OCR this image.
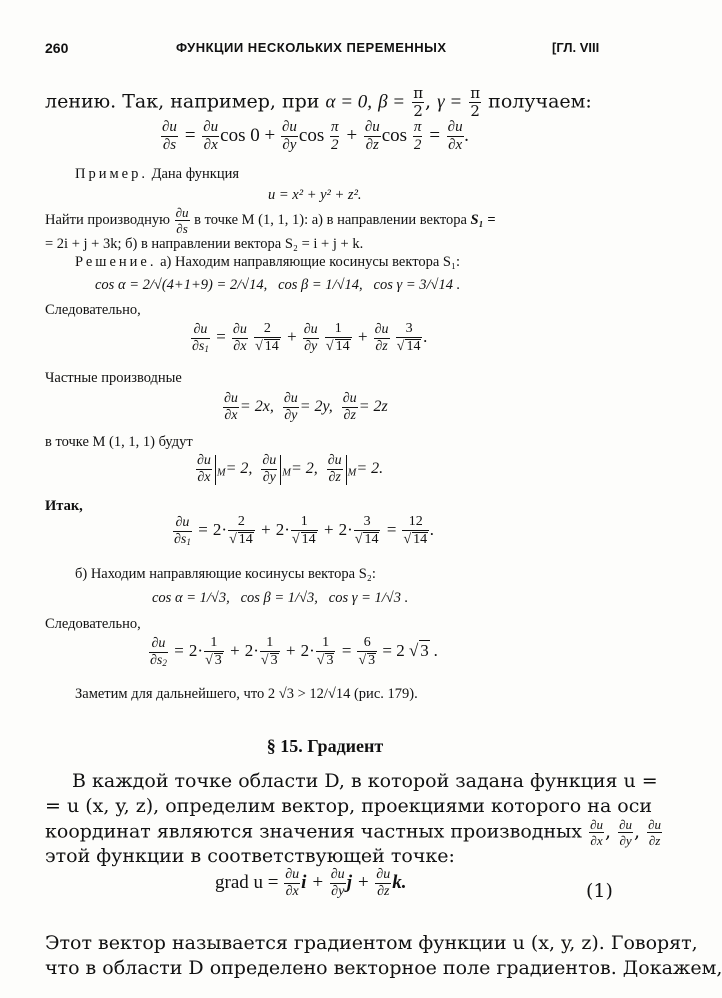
260	ФУНКЦИИ НЕСКОЛЬКИХ ПЕРЕМЕННЫХ	[ГЛ. VIII
лению. Так, например, при α = 0, $\beta = \frac{\pi}{2}$ , $\gamma = \frac{\pi}{2}$ получаем:
$\frac{\partial u}{\partial s} = \frac{\partial u}{\partial x}$ $\cos 0 + \frac{\partial u}{\partial y}$ $\cos \frac{\pi}{2} + \frac{\partial u}{\partial z}$ $\cos \frac{\pi}{2} = \frac{\partial u}{\partial x}$ .
Пример. Дана функция
u = x² + y² + z².
Найти производную $\frac{\partial u}{\partial s}$ в точке M (1, 1, 1): а) в направлении вектора S₁ =
= 2i + j + 3k; б) в направлении вектора S₂ = i + j + k.
Решение. а) Находим направляющие косинусы вектора S₁:
cos α = 2/√(4+1+9) = 2/√14, cos β = 1/√14, cos γ = 3/√14 .
Следовательно,
$\frac{\partial u}{\partial s1} = \frac{\partial u}{\partial x}$
$\frac{2}{√ 14} + \frac{\partial u}{\partial y}$
$\frac{1}{√ 14} + \frac{\partial u}{\partial z}$
$\frac{3}{√ 14}$ .
Частные производные
$\frac{\partial u}{\partial x} = 2x$, $\frac{\partial u}{\partial y} = 2y$, $\frac{\partial u}{\partial z} = 2z$
в точке M (1, 1, 1) будут
$\frac{\partial u}{\partial x} M= 2$, $\frac{\partial u}{\partial y} M= 2$, $\frac{\partial u}{\partial z} M= 2$.
Итак,
$\frac{\partial u}{\partial s1} = 2\cdot \frac{2}{√ 14} + 2\cdot \frac{1}{√ 14} + 2\cdot \frac{3}{√ 14} = \frac{12}{√ 14}$ .
б) Находим направляющие косинусы вектора S₂:
cos α = 1/√3, cos β = 1/√3, cos γ = 1/√3 .
Следовательно,
$\frac{\partial u}{\partial s2} = 2\cdot \frac{1}{√ 3} + 2\cdot \frac{1}{√ 3} + 2\cdot \frac{1}{√ 3} = \frac{6}{√ 3} = 2$ √ 3 .
Заметим для дальнейшего, что 2 √3 > 12/√14 (рис. 179).
§ 15. Градиент
В каждой точке области D, в которой задана функция u =
= u (x, y, z), определим вектор, проекциями которого на оси
координат являются значения частных производных $\frac{\partial u}{\partial x}$ , $\frac{\partial u}{\partial y}$ , $\frac{\partial u}{\partial z}$
этой функции в соответствующей точке:
grad $u = \frac{\partial u}{\partial x}$ $i + \frac{\partial u}{\partial y}$ $j + \frac{\partial u}{\partial z} k$.	(1)
Этот вектор называется градиентом функции u (x, y, z). Говорят,
что в области D определено векторное поле градиентов. Докажем,
